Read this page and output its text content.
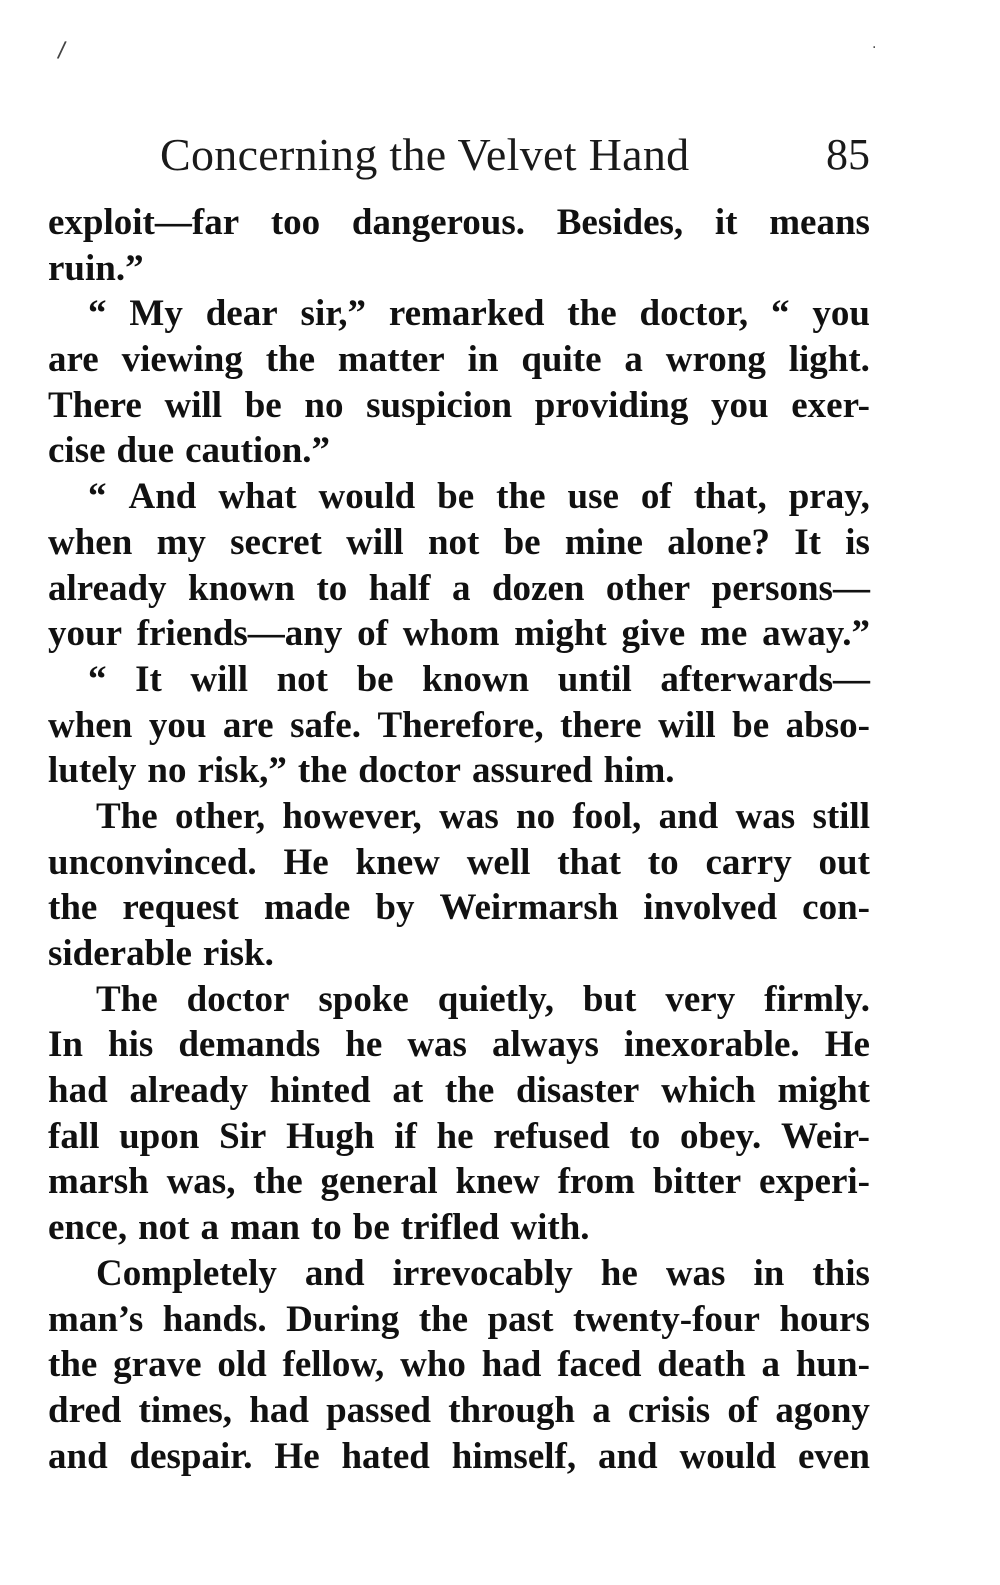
/	·
Concerning the Velvet Hand	85
exploit—far too dangerous. Besides, it means
ruin.”
“ My dear sir,” remarked the doctor, “ you
are viewing the matter in quite a wrong light.
There will be no suspicion providing you exer-
cise due caution.”
“ And what would be the use of that, pray,
when my secret will not be mine alone? It is
already known to half a dozen other persons—
your friends—any of whom might give me away.”
“ It will not be known until afterwards—
when you are safe. Therefore, there will be abso-
lutely no risk,” the doctor assured him.
The other, however, was no fool, and was still
unconvinced. He knew well that to carry out
the request made by Weirmarsh involved con-
siderable risk.
The doctor spoke quietly, but very firmly.
In his demands he was always inexorable. He
had already hinted at the disaster which might
fall upon Sir Hugh if he refused to obey. Weir-
marsh was, the general knew from bitter experi-
ence, not a man to be trifled with.
Completely and irrevocably he was in this
man’s hands. During the past twenty-four hours
the grave old fellow, who had faced death a hun-
dred times, had passed through a crisis of agony
and despair. He hated himself, and would even
